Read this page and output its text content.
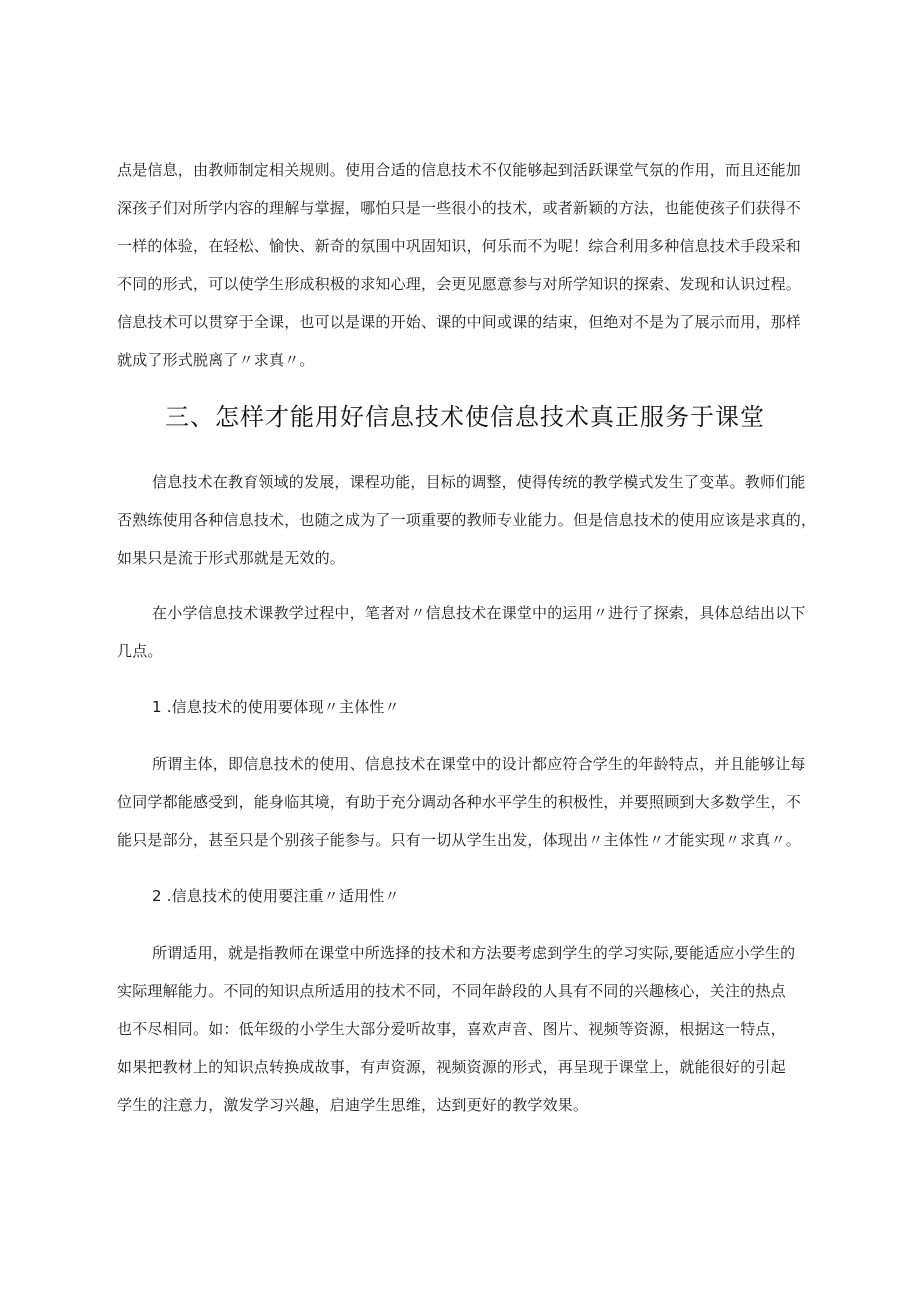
点是信息，由教师制定相关规则。使用合适的信息技术不仅能够起到活跃课堂气氛的作用，而且还能加
深孩子们对所学内容的理解与掌握，哪怕只是一些很小的技术，或者新颖的方法，也能使孩子们获得不
一样的体验，在轻松、愉快、新奇的氛围中巩固知识，何乐而不为呢！综合利用多种信息技术手段采和
不同的形式，可以使学生形成积极的求知心理，会更见愿意参与对所学知识的探索、发现和认识过程。
信息技术可以贯穿于全课，也可以是课的开始、课的中间或课的结束，但绝对不是为了展示而用，那样
就成了形式脱离了〃求真〃。
三、怎样才能用好信息技术使信息技术真正服务于课堂
信息技术在教育领域的发展，课程功能，目标的调整，使得传统的教学模式发生了变革。教师们能
否熟练使用各种信息技术，也随之成为了一项重要的教师专业能力。但是信息技术的使用应该是求真的，
如果只是流于形式那就是无效的。
在小学信息技术课教学过程中，笔者对〃信息技术在课堂中的运用〃进行了探索，具体总结出以下
几点。
1 .信息技术的使用要体现〃主体性〃
所谓主体，即信息技术的使用、信息技术在课堂中的设计都应符合学生的年龄特点，并且能够让每
位同学都能感受到，能身临其境，有助于充分调动各种水平学生的积极性，并要照顾到大多数学生，不
能只是部分，甚至只是个别孩子能参与。只有一切从学生出发，体现出〃主体性〃才能实现〃求真〃。
2 .信息技术的使用要注重〃适用性〃
所谓适用，就是指教师在课堂中所选择的技术和方法要考虑到学生的学习实际,要能适应小学生的
实际理解能力。不同的知识点所适用的技术不同，不同年龄段的人具有不同的兴趣核心，关注的热点
也不尽相同。如：低年级的小学生大部分爱听故事，喜欢声音、图片、视频等资源，根据这一特点，
如果把教材上的知识点转换成故事，有声资源，视频资源的形式，再呈现于课堂上，就能很好的引起
学生的注意力，激发学习兴趣，启迪学生思维，达到更好的教学效果。
